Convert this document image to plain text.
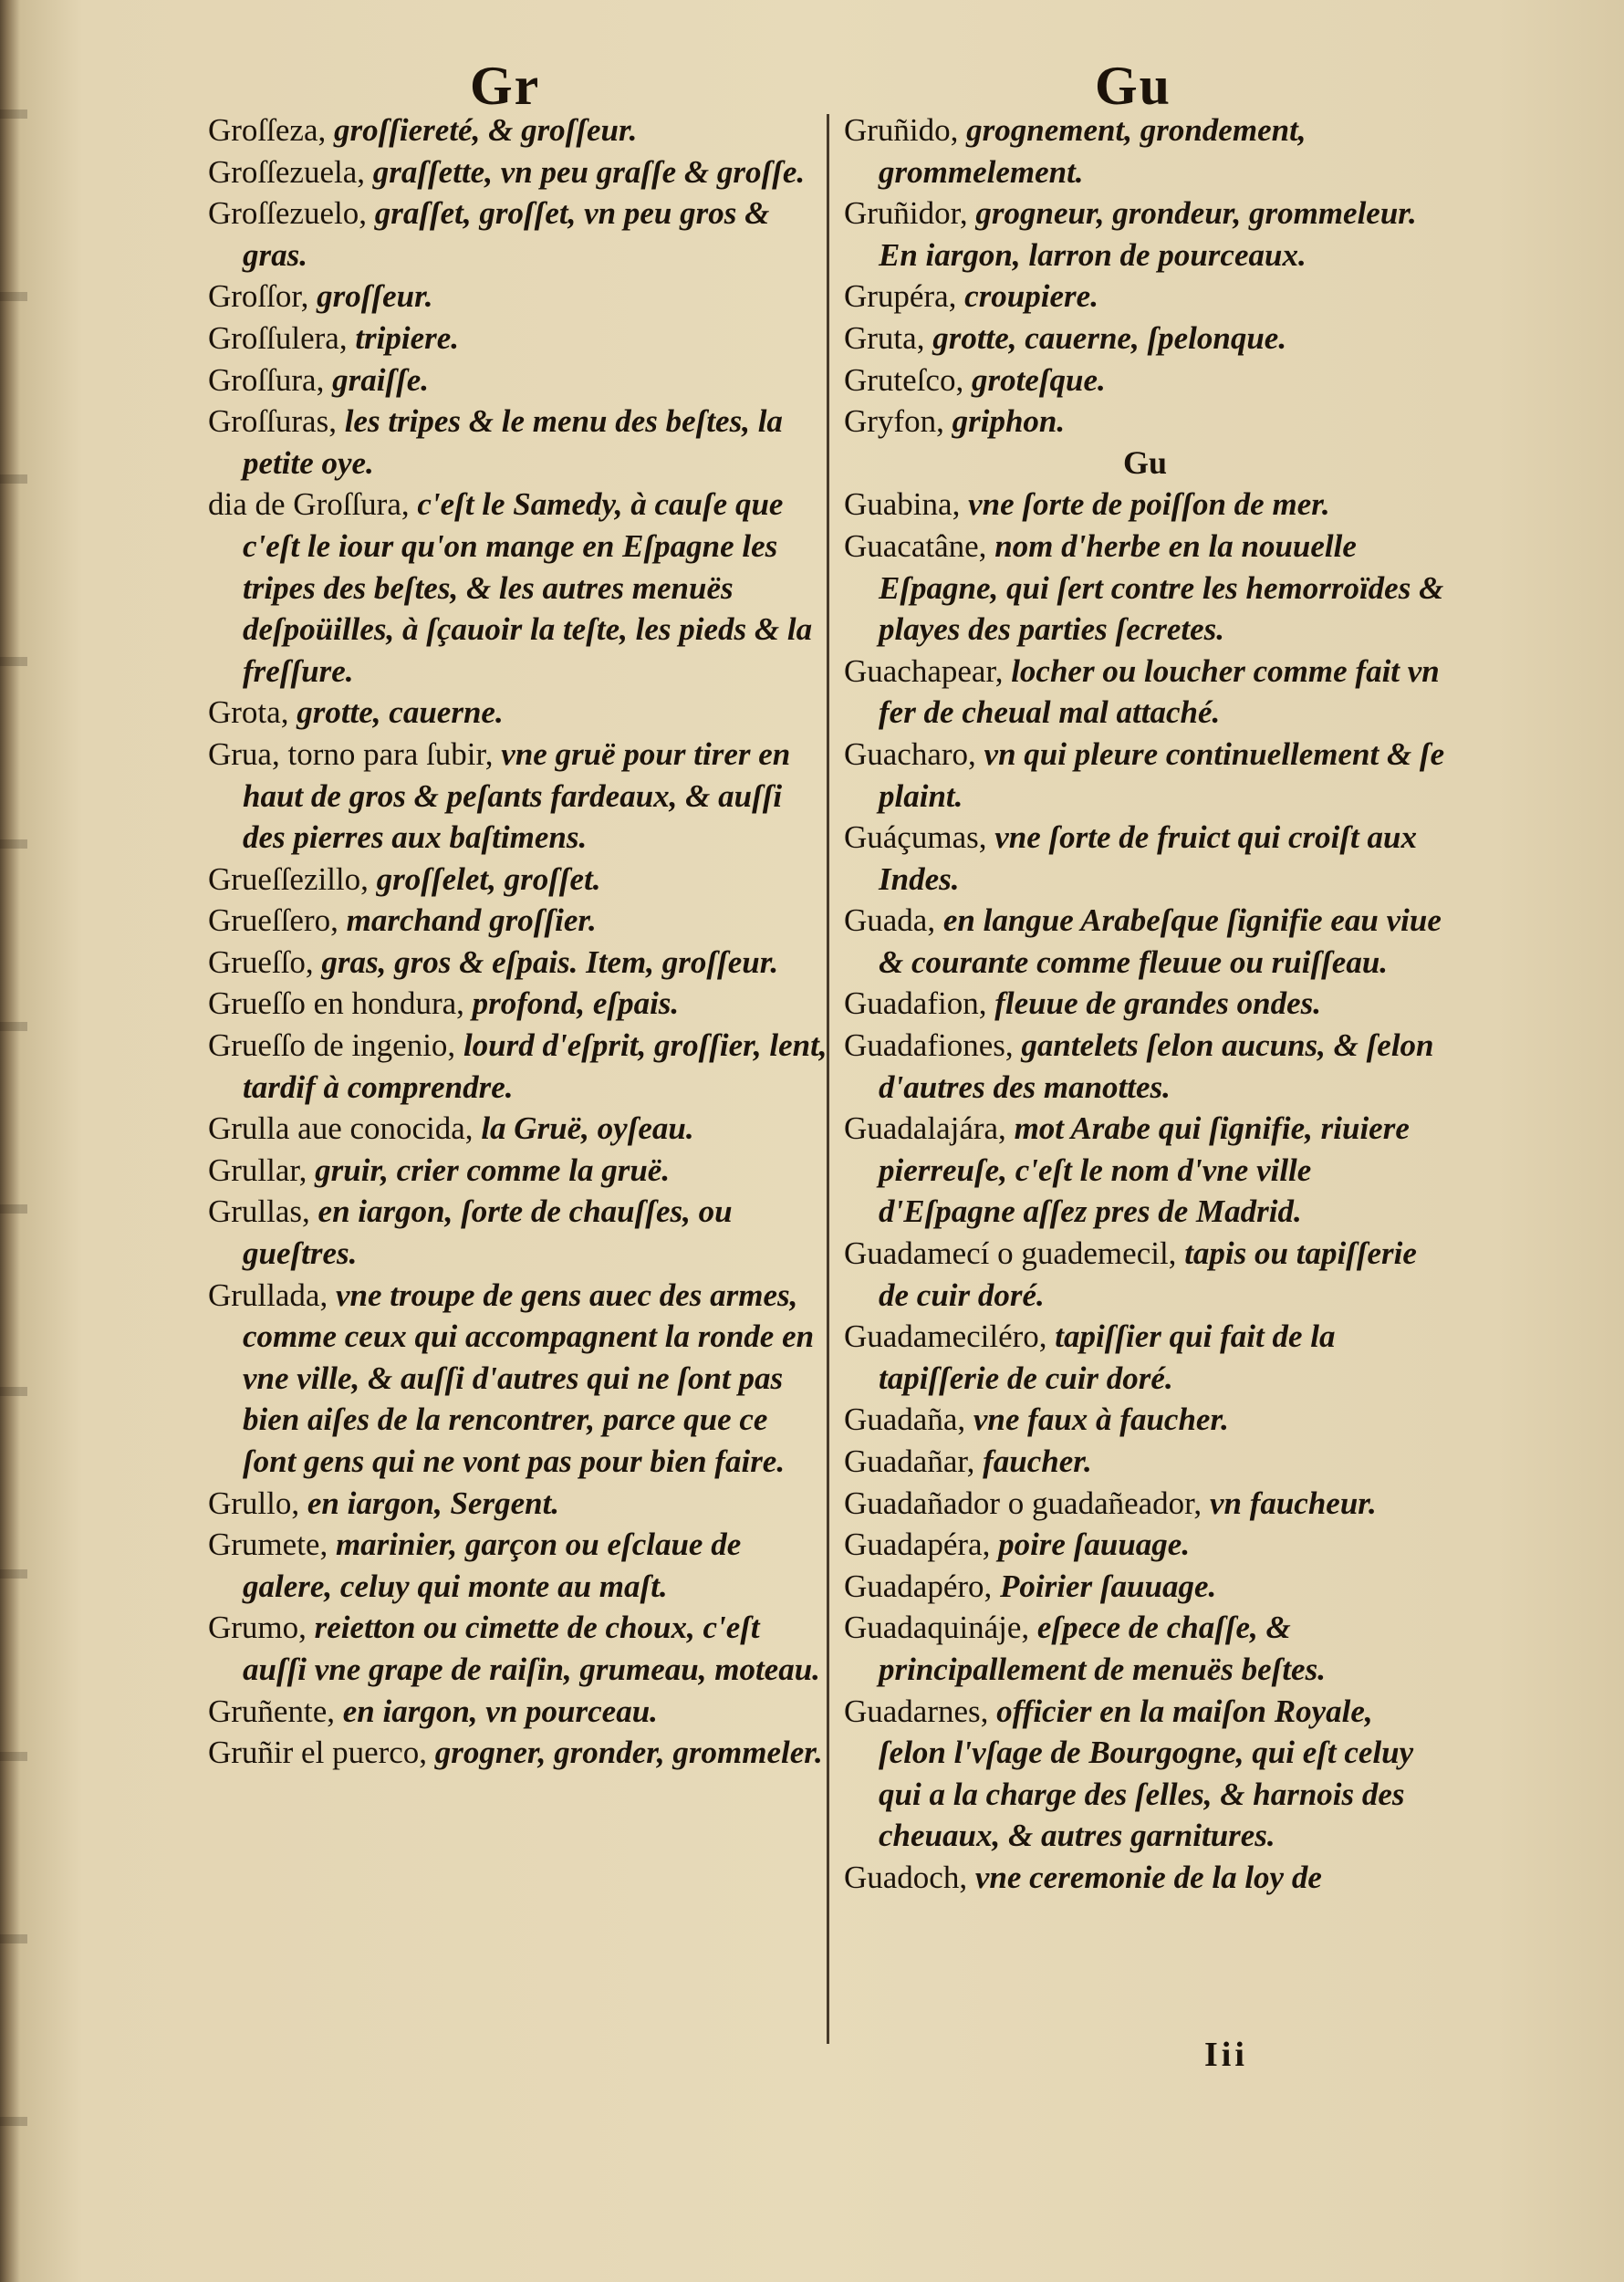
Gr	Gu
Groſſeza, groſſiereté, & groſſeur.
Groſſezuela, graſſette, vn peu graſſe & groſſe.
Groſſezuelo, graſſet, groſſet, vn peu gros & gras.
Groſſor, groſſeur.
Groſſulera, tripiere.
Groſſura, graiſſe.
Groſſuras, les tripes & le menu des beſtes, la petite oye.
dia de Groſſura, c'eſt le Samedy, à cauſe que c'eſt le iour qu'on mange en Eſpagne les tripes des beſtes, & les autres menuës deſpoüilles, à ſçauoir la teſte, les pieds & la freſſure.
Grota, grotte, cauerne.
Grua, torno para ſubir, vne gruë pour tirer en haut de gros & peſants fardeaux, & auſſi des pierres aux baſtimens.
Grueſſezillo, groſſelet, groſſet.
Grueſſero, marchand groſſier.
Grueſſo, gras, gros & eſpais. Item, groſſeur.
Grueſſo en hondura, profond, eſpais.
Grueſſo de ingenio, lourd d'eſprit, groſſier, lent, tardif à comprendre.
Grulla aue conocida, la Gruë, oyſeau.
Grullar, gruir, crier comme la gruë.
Grullas, en iargon, ſorte de chauſſes, ou gueſtres.
Grullada, vne troupe de gens auec des armes, comme ceux qui accompagnent la ronde en vne ville, & auſſi d'autres qui ne ſont pas bien aiſes de la rencontrer, parce que ce ſont gens qui ne vont pas pour bien faire.
Grullo, en iargon, Sergent.
Grumete, marinier, garçon ou eſclaue de galere, celuy qui monte au maſt.
Grumo, reietton ou cimette de choux, c'eſt auſſi vne grape de raiſin, grumeau, moteau.
Gruñente, en iargon, vn pourceau.
Gruñir el puerco, grogner, gronder, grommeler.
Gruñido, grognement, grondement, grommelement.
Gruñidor, grogneur, grondeur, grommeleur. En iargon, larron de pourceaux.
Grupéra, croupiere.
Gruta, grotte, cauerne, ſpelonque.
Gruteſco, groteſque.
Gryfon, griphon.
Gu
Guabina, vne ſorte de poiſſon de mer.
Guacatâne, nom d'herbe en la nouuelle Eſpagne, qui ſert contre les hemorroïdes & playes des parties ſecretes.
Guachapear, locher ou loucher comme fait vn fer de cheual mal attaché.
Guacharo, vn qui pleure continuellement & ſe plaint.
Guáçumas, vne ſorte de fruict qui croiſt aux Indes.
Guada, en langue Arabeſque ſignifie eau viue & courante comme fleuue ou ruiſſeau.
Guadafion, fleuue de grandes ondes.
Guadafiones, gantelets ſelon aucuns, & ſelon d'autres des manottes.
Guadalajára, mot Arabe qui ſignifie, riuiere pierreuſe, c'eſt le nom d'vne ville d'Eſpagne aſſez pres de Madrid.
Guadamecí o guademecil, tapis ou tapiſſerie de cuir doré.
Guadameciléro, tapiſſier qui fait de la tapiſſerie de cuir doré.
Guadaña, vne faux à faucher.
Guadañar, faucher.
Guadañador o guadañeador, vn faucheur.
Guadapéra, poire ſauuage.
Guadapéro, Poirier ſauuage.
Guadaquináje, eſpece de chaſſe, & principallement de menuës beſtes.
Guadarnes, officier en la maiſon Royale, ſelon l'vſage de Bourgogne, qui eſt celuy qui a la charge des ſelles, & harnois des cheuaux, & autres garnitures.
Guadoch, vne ceremonie de la loy de
Iii
